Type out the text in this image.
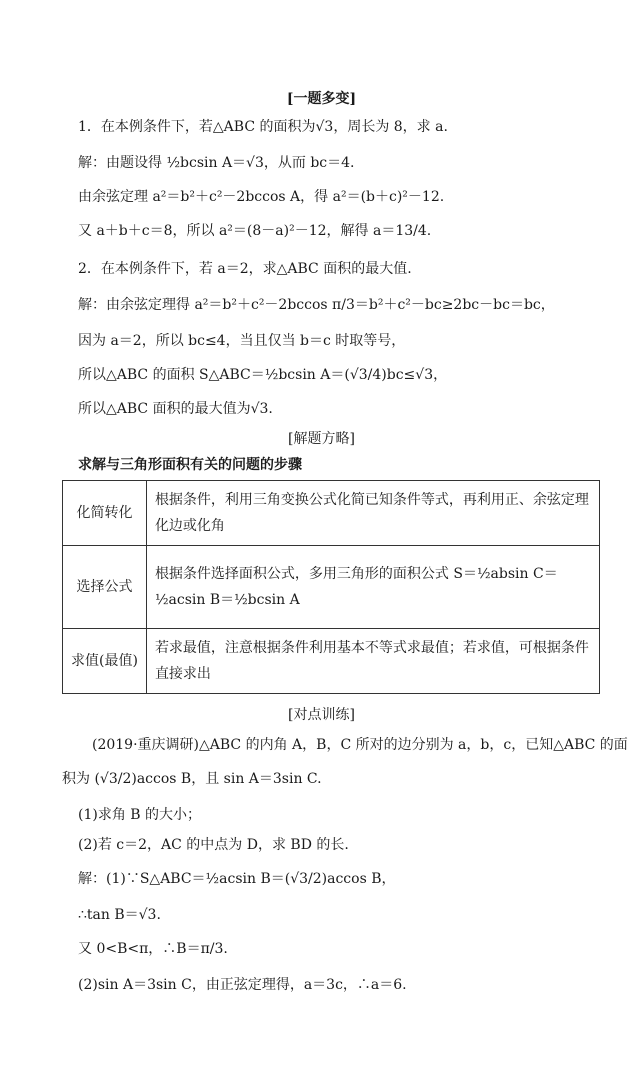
[一题多变]
1．在本例条件下，若△ABC 的面积为√3，周长为 8，求 a.
解：由题设得 ½bcsin A＝√3，从而 bc＝4.
由余弦定理 a²＝b²＋c²－2bccos A，得 a²＝(b＋c)²－12.
又 a＋b＋c＝8，所以 a²＝(8－a)²－12，解得 a＝13/4.
2．在本例条件下，若 a＝2，求△ABC 面积的最大值.
解：由余弦定理得 a²＝b²＋c²－2bccos π/3＝b²＋c²－bc≥2bc－bc＝bc，
因为 a＝2，所以 bc≤4，当且仅当 b＝c 时取等号，
所以△ABC 的面积 S△ABC＝½bcsin A＝(√3/4)bc≤√3，
所以△ABC 面积的最大值为√3.
[解题方略]
求解与三角形面积有关的问题的步骤
化简转化	根据条件，利用三角变换公式化简已知条件等式，再利用正、余弦定理化边或化角
选择公式	根据条件选择面积公式，多用三角形的面积公式 S＝½absin C＝½acsin B＝½bcsin A
求值(最值)	若求最值，注意根据条件利用基本不等式求最值；若求值，可根据条件直接求出
[对点训练]
(2019·重庆调研)△ABC 的内角 A，B，C 所对的边分别为 a，b，c，已知△ABC 的面
积为 (√3/2)accos B，且 sin A＝3sin C.
(1)求角 B 的大小；
(2)若 c＝2，AC 的中点为 D，求 BD 的长.
解：(1)∵S△ABC＝½acsin B＝(√3/2)accos B，
∴tan B＝√3.
又 0<B<π，∴B＝π/3.
(2)sin A＝3sin C，由正弦定理得，a＝3c，∴a＝6.
